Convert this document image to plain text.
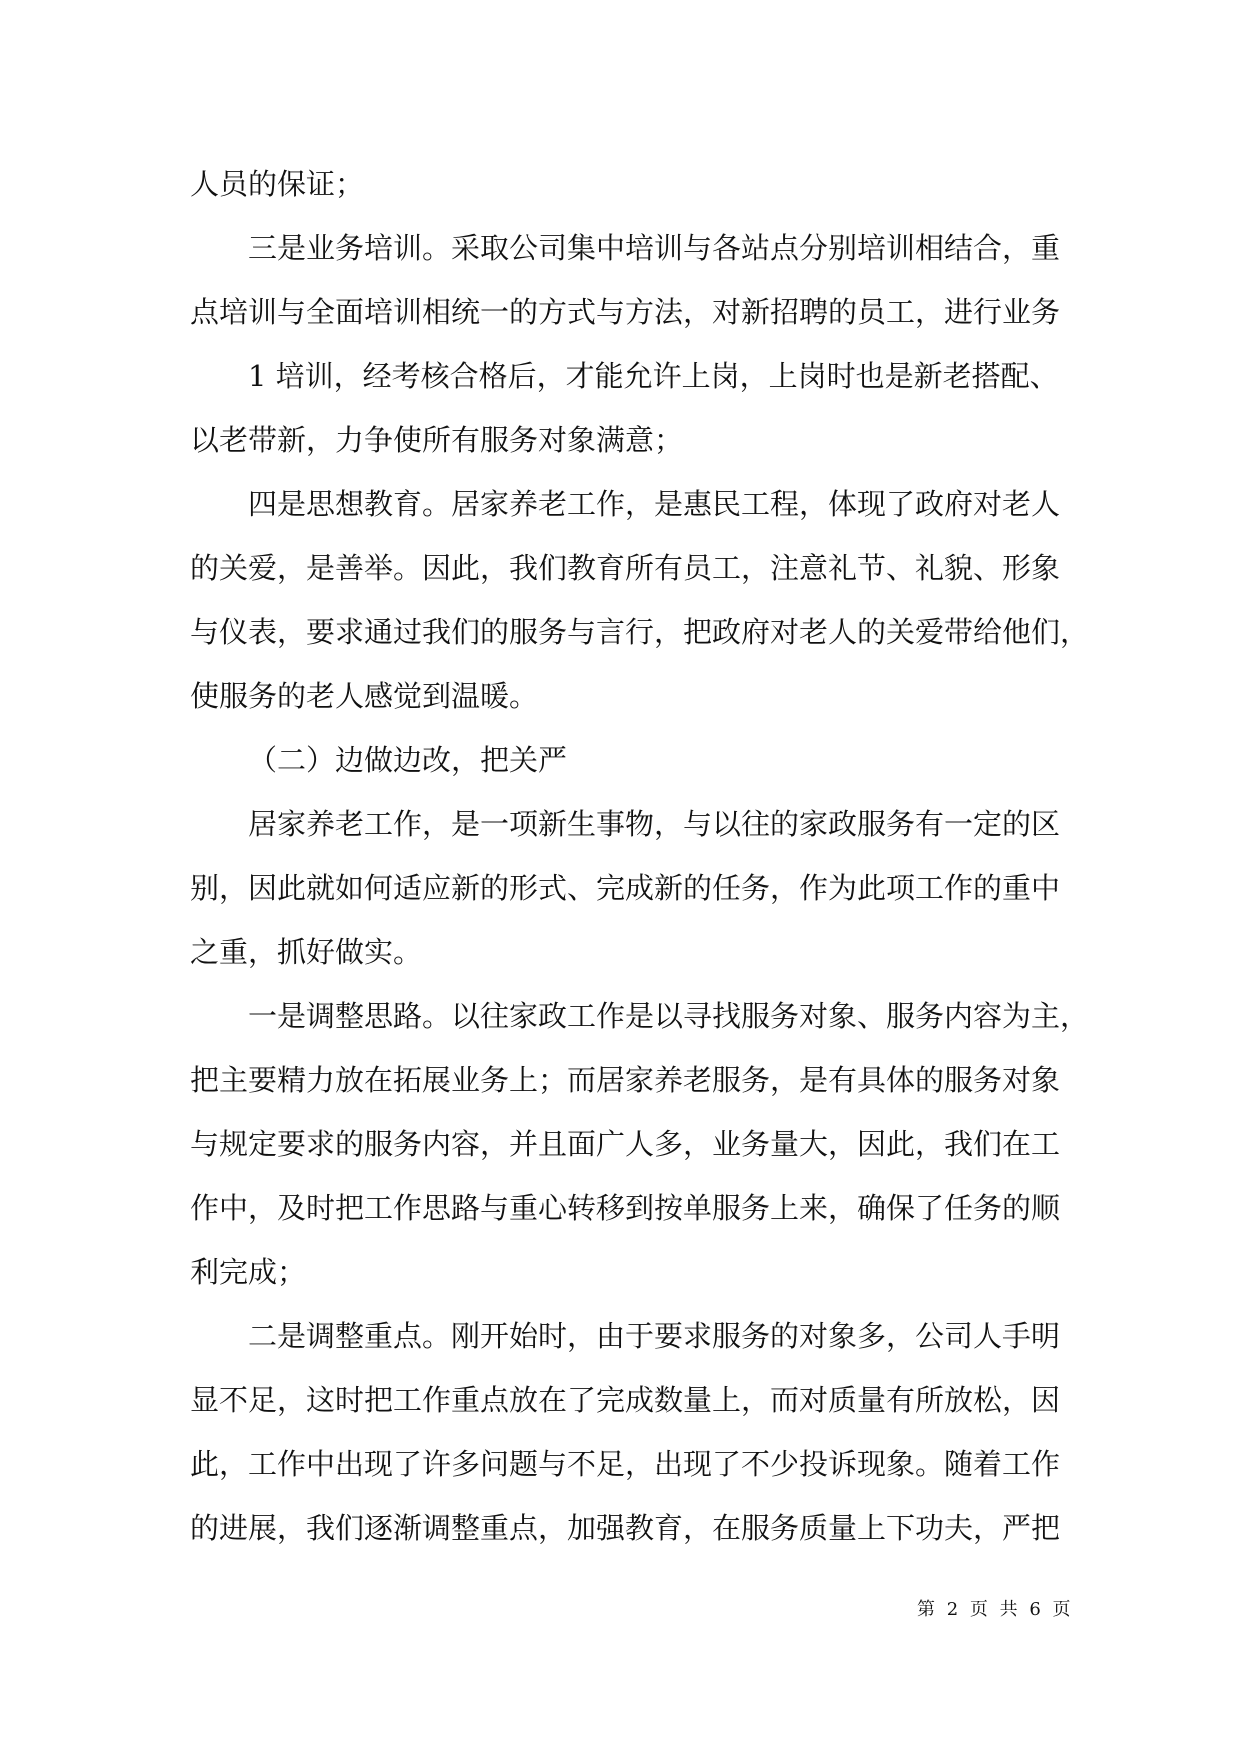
人员的保证；
三是业务培训。采取公司集中培训与各站点分别培训相结合，重
点培训与全面培训相统一的方式与方法，对新招聘的员工，进行业务
1 培训，经考核合格后，才能允许上岗，上岗时也是新老搭配、
以老带新，力争使所有服务对象满意；
四是思想教育。居家养老工作，是惠民工程，体现了政府对老人
的关爱，是善举。因此，我们教育所有员工，注意礼节、礼貌、形象
与仪表，要求通过我们的服务与言行，把政府对老人的关爱带给他们，
使服务的老人感觉到温暖。
（二）边做边改，把关严
居家养老工作，是一项新生事物，与以往的家政服务有一定的区
别，因此就如何适应新的形式、完成新的任务，作为此项工作的重中
之重，抓好做实。
一是调整思路。以往家政工作是以寻找服务对象、服务内容为主，
把主要精力放在拓展业务上；而居家养老服务，是有具体的服务对象
与规定要求的服务内容，并且面广人多，业务量大，因此，我们在工
作中，及时把工作思路与重心转移到按单服务上来，确保了任务的顺
利完成；
二是调整重点。刚开始时，由于要求服务的对象多，公司人手明
显不足，这时把工作重点放在了完成数量上，而对质量有所放松，因
此，工作中出现了许多问题与不足，出现了不少投诉现象。随着工作
的进展，我们逐渐调整重点，加强教育，在服务质量上下功夫，严把
第 2 页 共 6 页
